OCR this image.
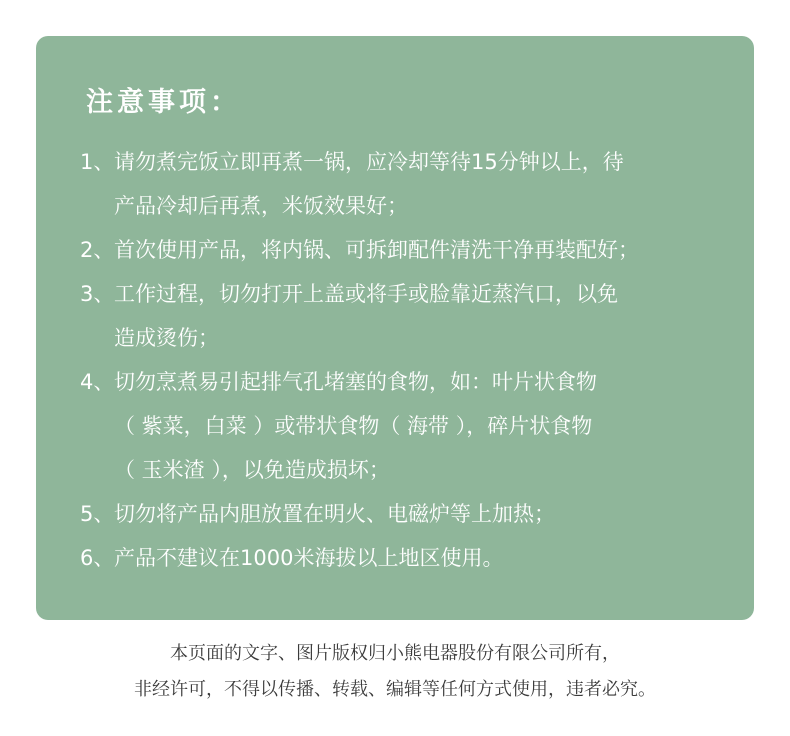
注意事项：
1、 请勿煮完饭立即再煮一锅，应冷却等待15分钟以上，待
产品冷却后再煮，米饭效果好；
2、 首次使用产品，将内锅、可拆卸配件清洗干净再装配好；
3、 工作过程，切勿打开上盖或将手或脸靠近蒸汽口，以免
造成烫伤；
4、 切勿烹煮易引起排气孔堵塞的食物，如：叶片状食物
（ 紫菜，白菜 ）或带状食物（ 海带 ），碎片状食物
（ 玉米渣 ），以免造成损坏；
5、 切勿将产品内胆放置在明火、电磁炉等上加热；
6、 产品不建议在1000米海拔以上地区使用。
本页面的文字、图片版权归小熊电器股份有限公司所有，
非经许可，不得以传播、转载、编辑等任何方式使用，违者必究。
